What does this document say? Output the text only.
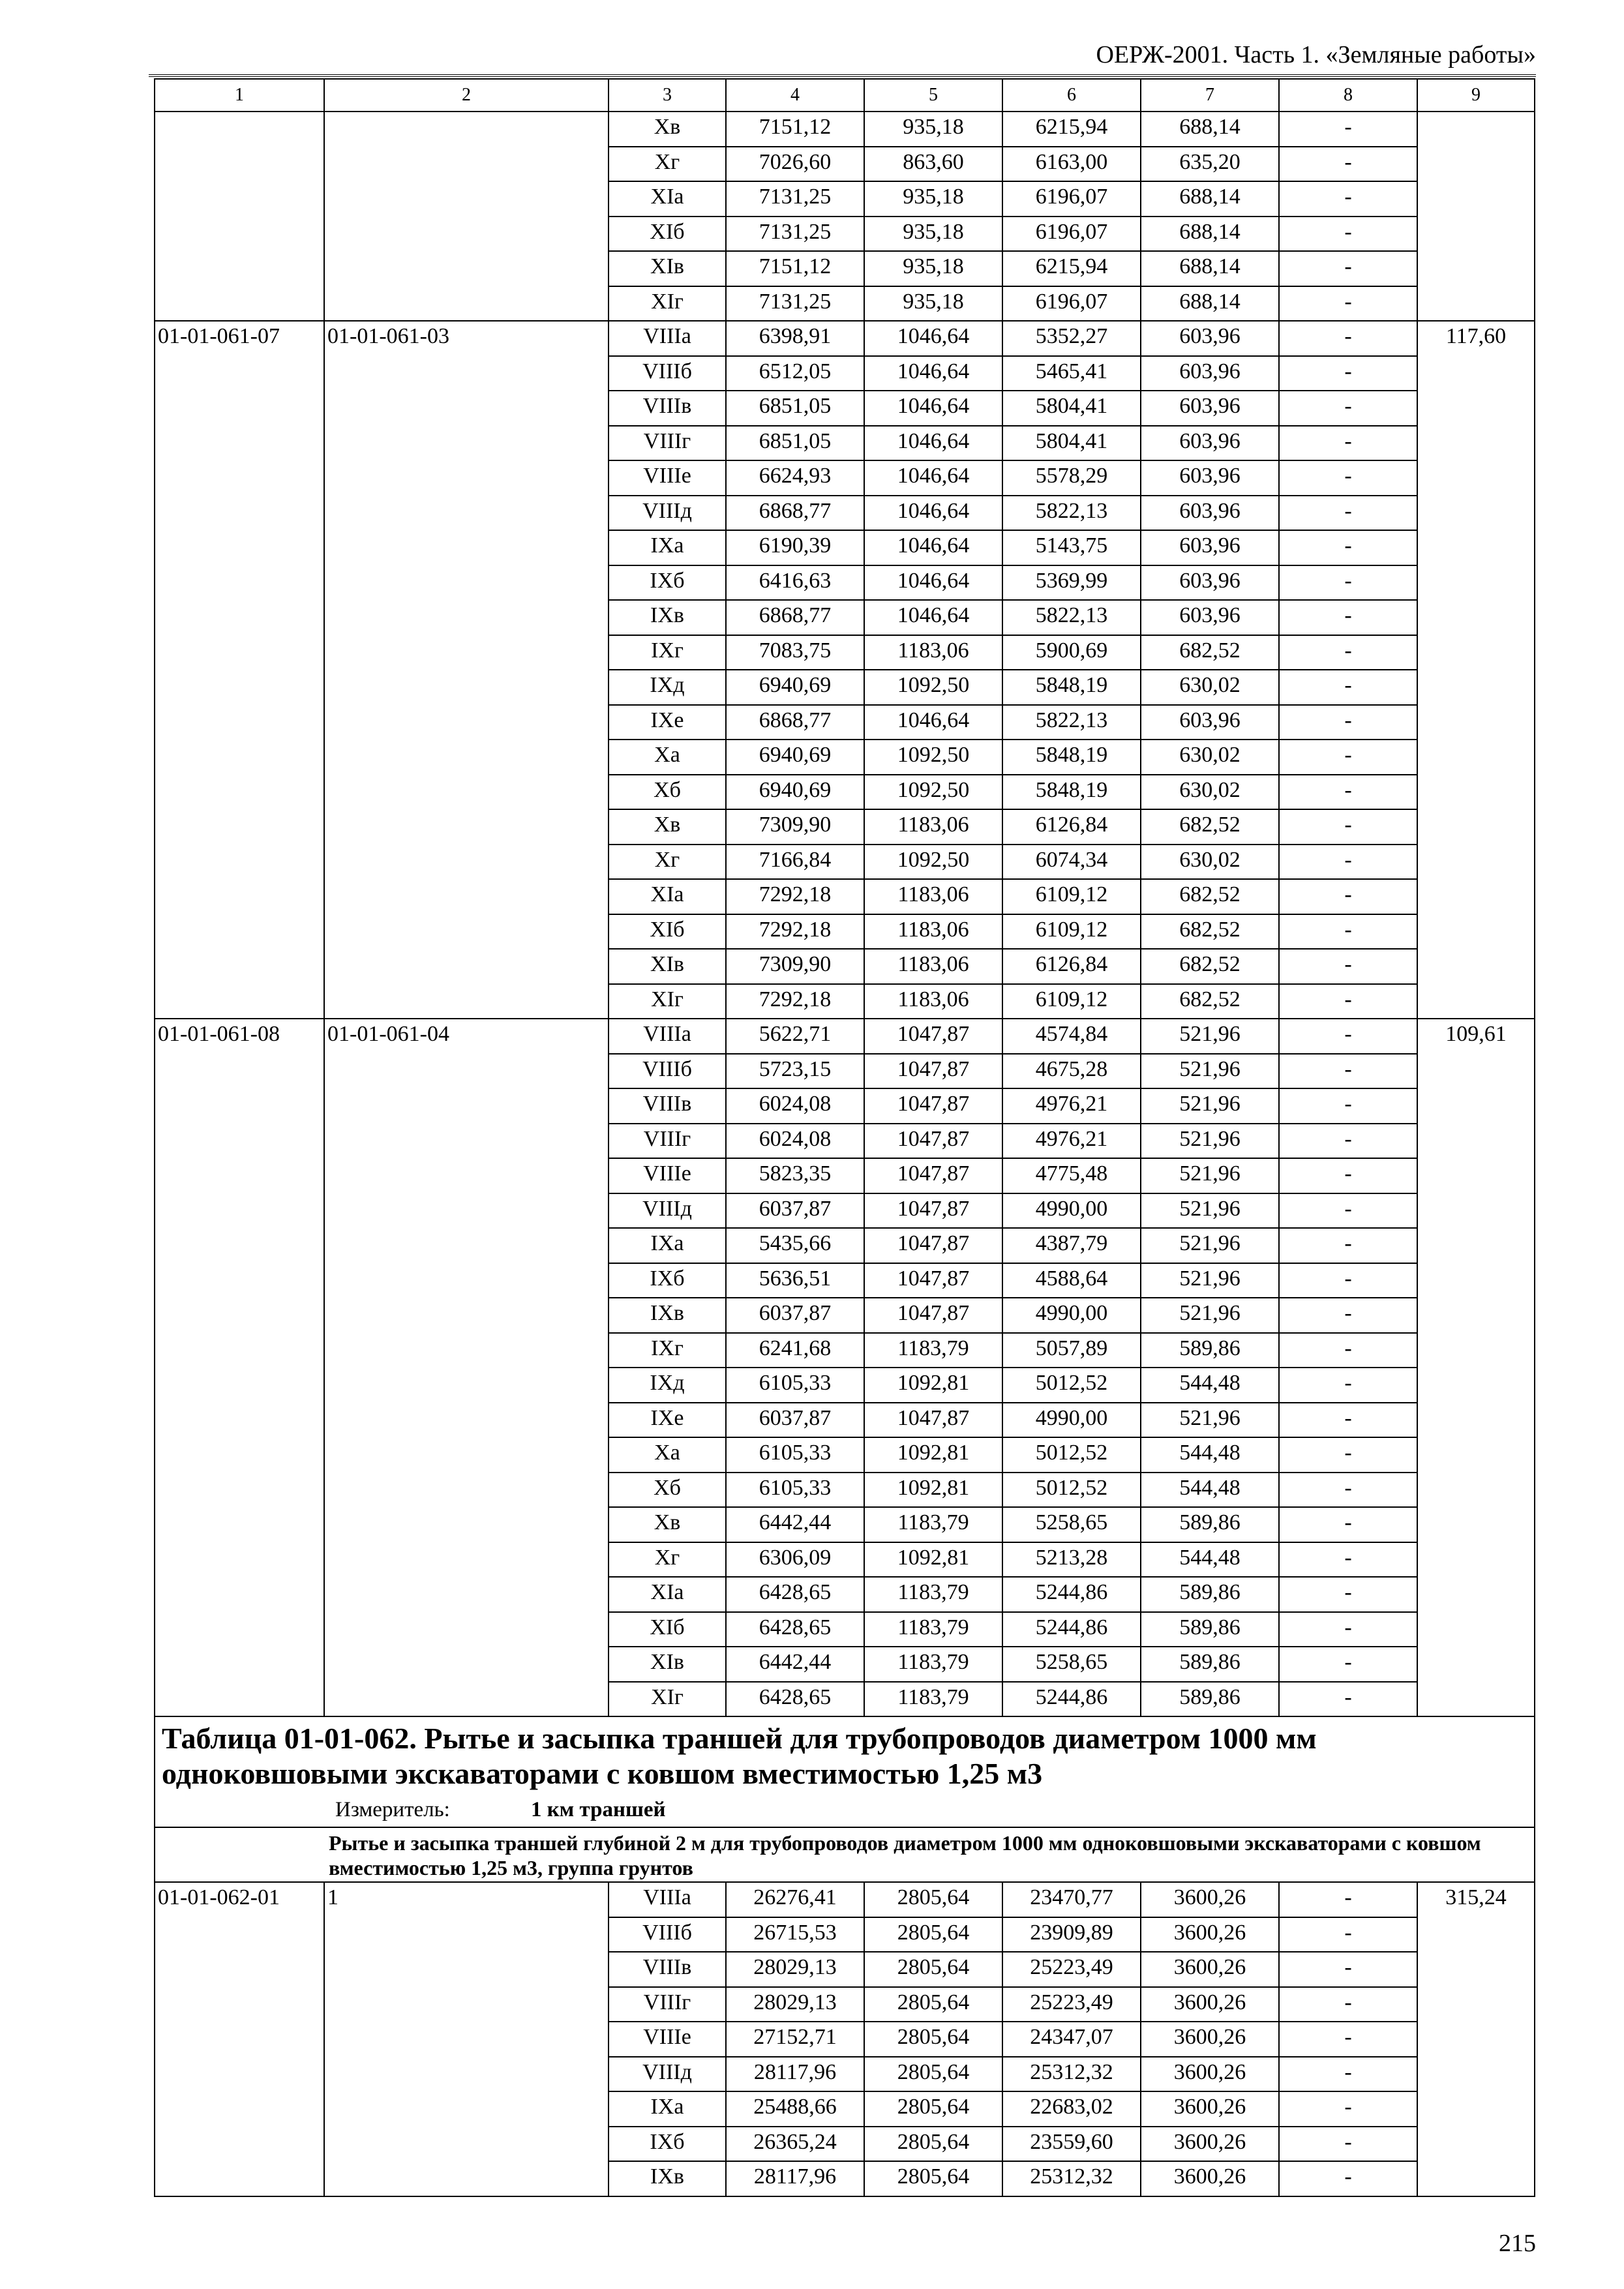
ОЕРЖ-2001. Часть 1. «Земляные работы»
1	2	3	4	5	6	7	8	9
		Хв	7151,12	935,18	6215,94	688,14	-	
		Хг	7026,60	863,60	6163,00	635,20	-	
		ХIа	7131,25	935,18	6196,07	688,14	-	
		ХIб	7131,25	935,18	6196,07	688,14	-	
		ХIв	7151,12	935,18	6215,94	688,14	-	
		ХIг	7131,25	935,18	6196,07	688,14	-	
01-01-061-07	01-01-061-03	VIIIа	6398,91	1046,64	5352,27	603,96	-	117,60
		VIIIб	6512,05	1046,64	5465,41	603,96	-	
		VIIIв	6851,05	1046,64	5804,41	603,96	-	
		VIIIг	6851,05	1046,64	5804,41	603,96	-	
		VIIIе	6624,93	1046,64	5578,29	603,96	-	
		VIIIд	6868,77	1046,64	5822,13	603,96	-	
		IХа	6190,39	1046,64	5143,75	603,96	-	
		IХб	6416,63	1046,64	5369,99	603,96	-	
		IХв	6868,77	1046,64	5822,13	603,96	-	
		IХг	7083,75	1183,06	5900,69	682,52	-	
		IХд	6940,69	1092,50	5848,19	630,02	-	
		IХе	6868,77	1046,64	5822,13	603,96	-	
		Ха	6940,69	1092,50	5848,19	630,02	-	
		Хб	6940,69	1092,50	5848,19	630,02	-	
		Хв	7309,90	1183,06	6126,84	682,52	-	
		Хг	7166,84	1092,50	6074,34	630,02	-	
		ХIа	7292,18	1183,06	6109,12	682,52	-	
		ХIб	7292,18	1183,06	6109,12	682,52	-	
		ХIв	7309,90	1183,06	6126,84	682,52	-	
		ХIг	7292,18	1183,06	6109,12	682,52	-	
01-01-061-08	01-01-061-04	VIIIа	5622,71	1047,87	4574,84	521,96	-	109,61
		VIIIб	5723,15	1047,87	4675,28	521,96	-	
		VIIIв	6024,08	1047,87	4976,21	521,96	-	
		VIIIг	6024,08	1047,87	4976,21	521,96	-	
		VIIIе	5823,35	1047,87	4775,48	521,96	-	
		VIIIд	6037,87	1047,87	4990,00	521,96	-	
		IХа	5435,66	1047,87	4387,79	521,96	-	
		IХб	5636,51	1047,87	4588,64	521,96	-	
		IХв	6037,87	1047,87	4990,00	521,96	-	
		IХг	6241,68	1183,79	5057,89	589,86	-	
		IХд	6105,33	1092,81	5012,52	544,48	-	
		IХе	6037,87	1047,87	4990,00	521,96	-	
		Ха	6105,33	1092,81	5012,52	544,48	-	
		Хб	6105,33	1092,81	5012,52	544,48	-	
		Хв	6442,44	1183,79	5258,65	589,86	-	
		Хг	6306,09	1092,81	5213,28	544,48	-	
		ХIа	6428,65	1183,79	5244,86	589,86	-	
		ХIб	6428,65	1183,79	5244,86	589,86	-	
		ХIв	6442,44	1183,79	5258,65	589,86	-	
		ХIг	6428,65	1183,79	5244,86	589,86	-	

Таблица 01-01-062. Рытье и засыпка траншей для трубопроводов диаметром 1000 мм одноковшовыми экскаваторами с ковшом вместимостью 1,25 м3
Измеритель: 1 км траншей								

Рытье и засыпка траншей глубиной 2 м для трубопроводов диаметром 1000 мм одноковшовыми экскаваторами с ковшом вместимостью 1,25 м3, группа грунтов								
01-01-062-01	1	VIIIа	26276,41	2805,64	23470,77	3600,26	-	315,24
		VIIIб	26715,53	2805,64	23909,89	3600,26	-	
		VIIIв	28029,13	2805,64	25223,49	3600,26	-	
		VIIIг	28029,13	2805,64	25223,49	3600,26	-	
		VIIIе	27152,71	2805,64	24347,07	3600,26	-	
		VIIIд	28117,96	2805,64	25312,32	3600,26	-	
		IХа	25488,66	2805,64	22683,02	3600,26	-	
		IХб	26365,24	2805,64	23559,60	3600,26	-	
		IХв	28117,96	2805,64	25312,32	3600,26	-	
215
